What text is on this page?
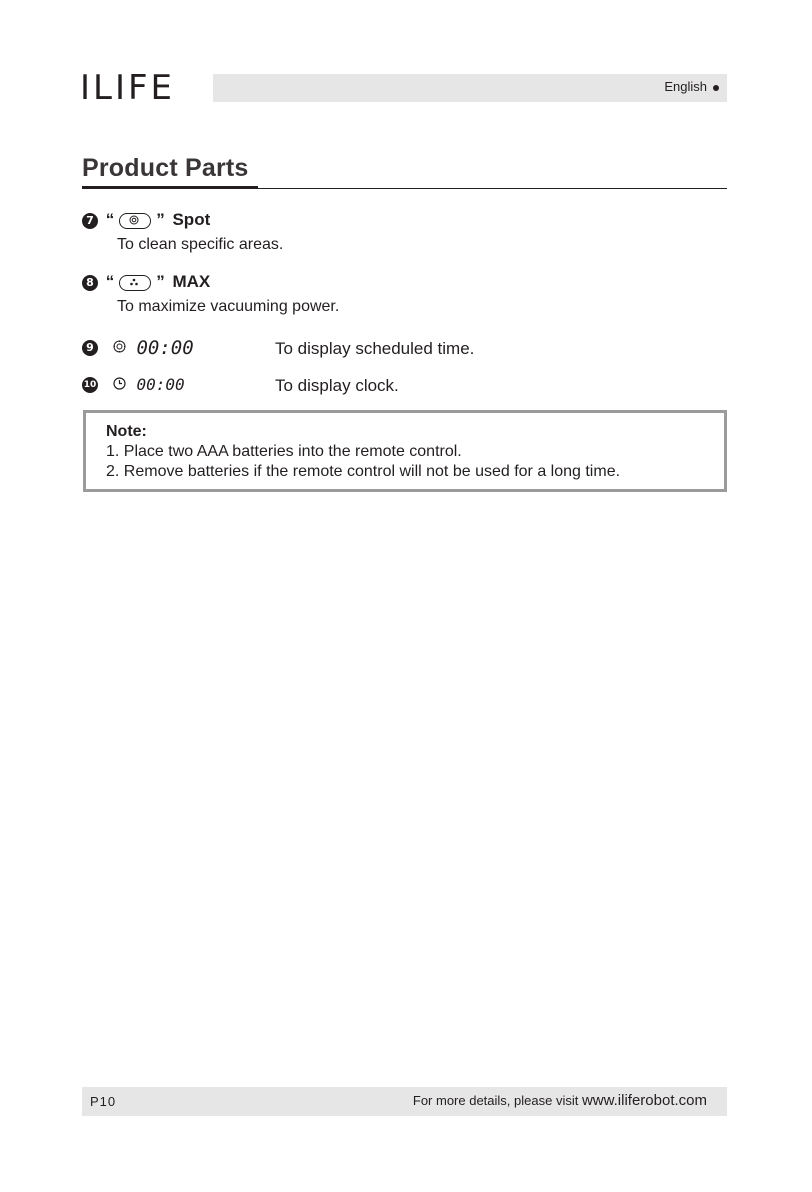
ILIFE	English
Product Parts
7 “ ” Spot
To clean specific areas.
8 “ ” MAX
To maximize vacuuming power.
9 00:00	To display scheduled time.
10	00:00	To display clock.
Note:
1. Place two AAA batteries into the remote control.
2. Remove batteries if the remote control will not be used for a long time.
P10	For more details, please visit www.iliferobot.com
